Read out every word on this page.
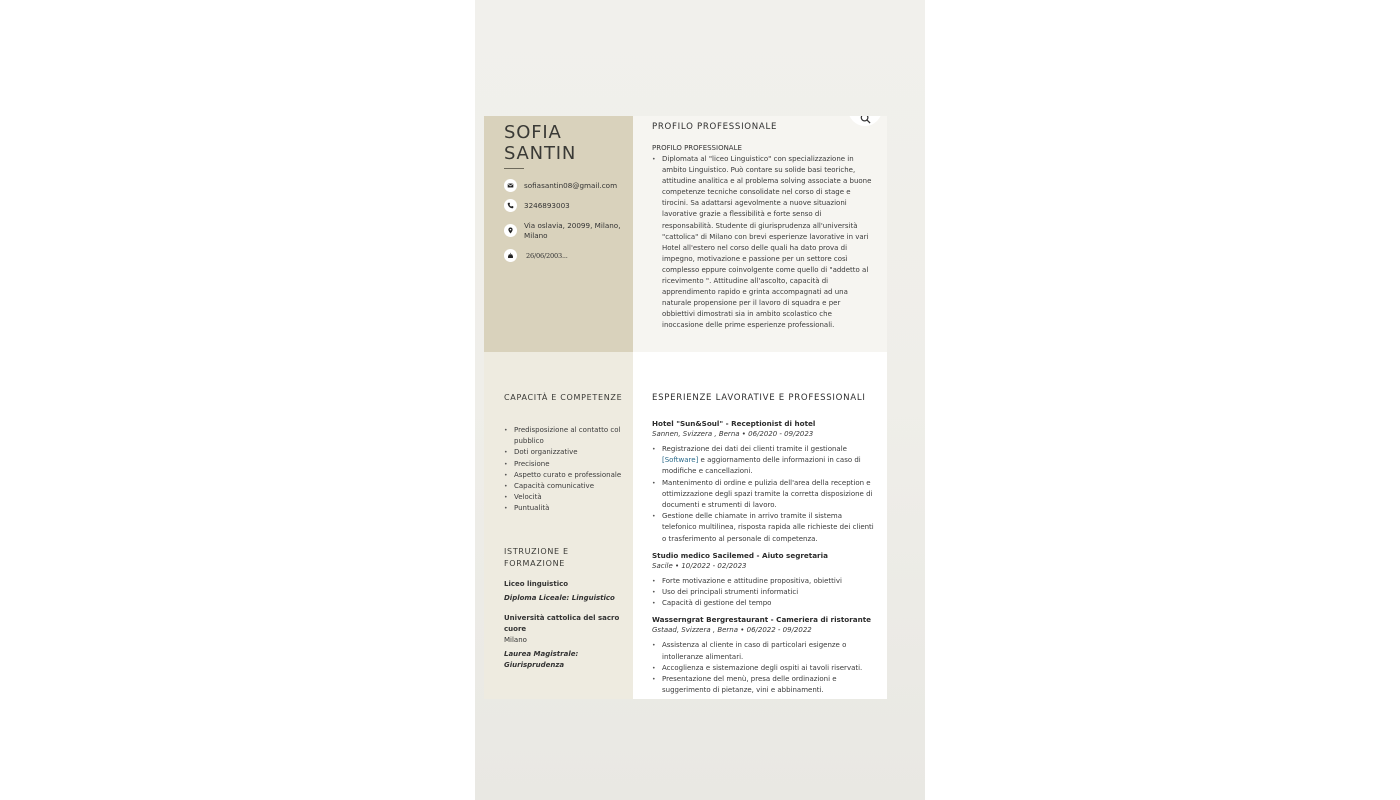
SOFIA
SANTIN
sofiasantin08@gmail.com
3246893003
Via oslavia, 20099, Milano, Milano
26/06/2003...
PROFILO PROFESSIONALE
PROFILO PROFESSIONALE
• Diplomata al "liceo Linguistico" con specializzazione in ambito Linguistico. Può contare su solide basi teoriche, attitudine analitica e al problema solving associate a buone competenze tecniche consolidate nel corso di stage e tirocini. Sa adattarsi agevolmente a nuove situazioni lavorative grazie a flessibilità e forte senso di responsabilità. Studente di giurisprudenza all'università "cattolica" di Milano con brevi esperienze lavorative in vari Hotel all'estero nel corso delle quali ha dato prova di impegno, motivazione e passione per un settore così complesso eppure coinvolgente come quello di "addetto al ricevimento ". Attitudine all'ascolto, capacità di apprendimento rapido e grinta accompagnati ad una naturale propensione per il lavoro di squadra e per obbiettivi dimostrati sia in ambito scolastico che inoccasione delle prime esperienze professionali.
CAPACITÀ E COMPETENZE
• Predisposizione al contatto col pubblico
• Doti organizzative
• Precisione
• Aspetto curato e professionale
• Capacità comunicative
• Velocità
• Puntualità
ISTRUZIONE E FORMAZIONE
Liceo linguistico
Diploma Liceale: Linguistico
Università cattolica del sacro cuore
Milano
Laurea Magistrale: Giurisprudenza
ESPERIENZE LAVORATIVE E PROFESSIONALI
Hotel "Sun&Soul" - Receptionist di hotel
Sannen, Svizzera , Berna • 06/2020 - 09/2023
• Registrazione dei dati dei clienti tramite il gestionale [Software] e aggiornamento delle informazioni in caso di modifiche e cancellazioni.
• Mantenimento di ordine e pulizia dell'area della reception e ottimizzazione degli spazi tramite la corretta disposizione di documenti e strumenti di lavoro.
• Gestione delle chiamate in arrivo tramite il sistema telefonico multilinea, risposta rapida alle richieste dei clienti o trasferimento al personale di competenza.
Studio medico Sacilemed - Aiuto segretaria
Sacile • 10/2022 - 02/2023
• Forte motivazione e attitudine propositiva, obiettivi
• Uso dei principali strumenti informatici
• Capacità di gestione del tempo
Wasserngrat Bergrestaurant - Cameriera di ristorante
Gstaad, Svizzera , Berna • 06/2022 - 09/2022
• Assistenza al cliente in caso di particolari esigenze o intolleranze alimentari.
• Accoglienza e sistemazione degli ospiti ai tavoli riservati.
• Presentazione del menù, presa delle ordinazioni e suggerimento di pietanze, vini e abbinamenti.
